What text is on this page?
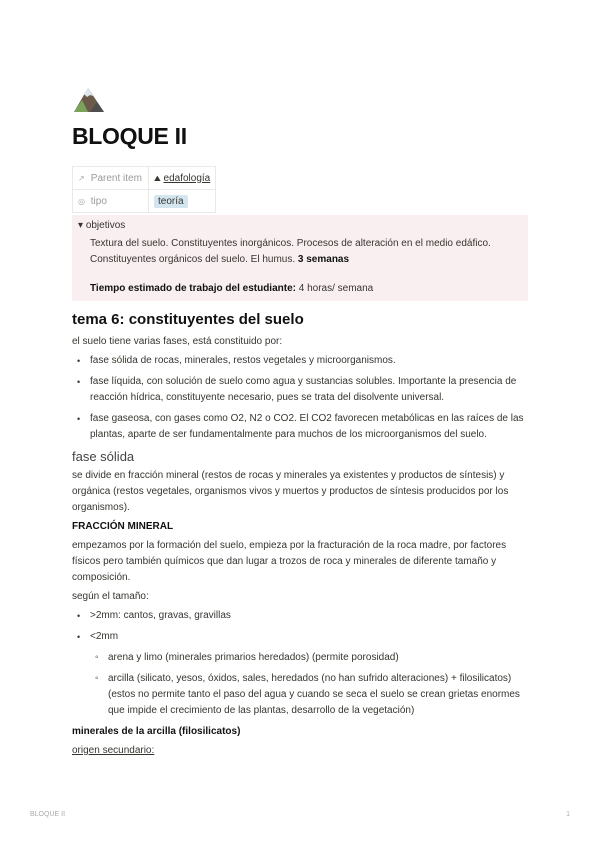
BLOQUE II
↗ Parent item	⛰ edafología
◎ tipo	teoría
▾ objetivos

Textura del suelo. Constituyentes inorgánicos. Procesos de alteración en el medio edáfico. Constituyentes orgánicos del suelo. El humus. 3 semanas

Tiempo estimado de trabajo del estudiante: 4 horas/ semana

tema 6: constituyentes del suelo

el suelo tiene varias fases, está constituido por:

• fase sólida de rocas, minerales, restos vegetales y microorganismos.
• fase líquida, con solución de suelo como agua y sustancias solubles. Importante la presencia de reacción hídrica, constituyente necesario, pues se trata del disolvente universal.
• fase gaseosa, con gases como O2, N2 o CO2. El CO2 favorecen metabólicas en las raíces de las plantas, aparte de ser fundamentalmente para muchos de los microorganismos del suelo.
fase sólida

se divide en fracción mineral (restos de rocas y minerales ya existentes y productos de síntesis) y orgánica (restos vegetales, organismos vivos y muertos y productos de síntesis producidos por los organismos).

FRACCIÓN MINERAL

empezamos por la formación del suelo, empieza por la fracturación de la roca madre, por factores físicos pero también químicos que dan lugar a trozos de roca y minerales de diferente tamaño y composición.

según el tamaño:

• >2mm: cantos, gravas, gravillas
• <2mm
◦ arena y limo (minerales primarios heredados) (permite porosidad)
◦ arcilla (silicato, yesos, óxidos, sales, heredados (no han sufrido alteraciones) + filosilicatos) (estos no permite tanto el paso del agua y cuando se seca el suelo se crean grietas enormes que impide el crecimiento de las plantas, desarrollo de la vegetación)

minerales de la arcilla (filosilicatos)

origen secundario:

BLOQUE II	1
